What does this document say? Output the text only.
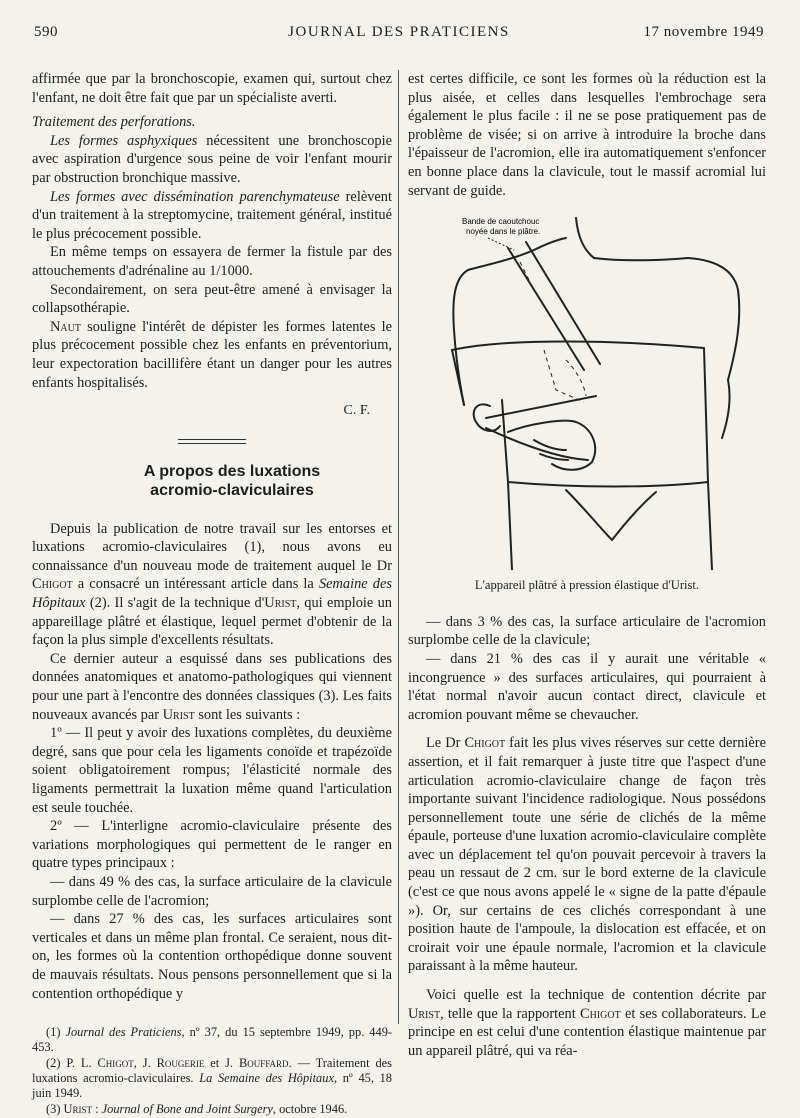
590	JOURNAL DES PRATICIENS	17 novembre 1949

affirmée que par la bronchoscopie, examen qui, surtout chez l'enfant, ne doit être fait que par un spécialiste averti.

Traitement des perforations.

Les formes asphyxiques nécessitent une bronchoscopie avec aspiration d'urgence sous peine de voir l'enfant mourir par obstruction bronchique massive.

Les formes avec dissémination parenchymateuse relèvent d'un traitement à la streptomycine, traitement général, institué le plus précocement possible.

En même temps on essayera de fermer la fistule par des attouchements d'adrénaline au 1/1000.

Secondairement, on sera peut-être amené à envisager la collapsothérapie.

Naut souligne l'intérêt de dépister les formes latentes le plus précocement possible chez les enfants en préventorium, leur expectoration bacillifère étant un danger pour les autres enfants hospitalisés.

C. F.
A propos des luxations
acromio-claviculaires

Depuis la publication de notre travail sur les entorses et luxations acromio-claviculaires (1), nous avons eu connaissance d'un nouveau mode de traitement auquel le Dr Chigot a consacré un intéressant article dans la Semaine des Hôpitaux (2). Il s'agit de la technique d'Urist, qui emploie un appareillage plâtré et élastique, lequel permet d'obtenir de la façon la plus simple d'excellents résultats.

Ce dernier auteur a esquissé dans ses publications des données anatomiques et anatomo-pathologiques qui viennent pour une part à l'encontre des données classiques (3). Les faits nouveaux avancés par Urist sont les suivants :

1º — Il peut y avoir des luxations complètes, du deuxième degré, sans que pour cela les ligaments conoïde et trapézoïde soient obligatoirement rompus; l'élasticité normale des ligaments permettrait la luxation même quand l'articulation est seule touchée.

2º — L'interligne acromio-claviculaire présente des variations morphologiques qui permettent de le ranger en quatre types principaux :

— dans 49 % des cas, la surface articulaire de la clavicule surplombe celle de l'acromion;

— dans 27 % des cas, les surfaces articulaires sont verticales et dans un même plan frontal. Ce seraient, nous dit-on, les formes où la contention orthopédique donne souvent de mauvais résultats. Nous pensons personnellement que si la contention orthopédique y

(1) Journal des Praticiens, nº 37, du 15 septembre 1949, pp. 449-453.

(2) P. L. Chigot, J. Rougerie et J. Bouffard. — Traitement des luxations acromio-claviculaires. La Semaine des Hôpitaux, nº 45, 18 juin 1949.

(3) Urist : Journal of Bone and Joint Surgery, octobre 1946.

est certes difficile, ce sont les formes où la réduction est la plus aisée, et celles dans lesquelles l'embrochage sera également le plus facile : il ne se pose pratiquement pas de problème de visée; si on arrive à introduire la broche dans l'épaisseur de l'acromion, elle ira automatiquement s'enfoncer en bonne place dans la clavicule, tout le massif acromial lui servant de guide.

Bande de caoutchouc
noyée dans le plâtre.
L'appareil plâtré à pression élastique d'Urist.

— dans 3 % des cas, la surface articulaire de l'acromion surplombe celle de la clavicule;

— dans 21 % des cas il y aurait une véritable « incongruence » des surfaces articulaires, qui pourraient à l'état normal n'avoir aucun contact direct, clavicule et acromion pouvant même se chevaucher.

Le Dr Chigot fait les plus vives réserves sur cette dernière assertion, et il fait remarquer à juste titre que l'aspect d'une articulation acromio-claviculaire change de façon très importante suivant l'incidence radiologique. Nous possédons personnellement toute une série de clichés de la même épaule, porteuse d'une luxation acromio-claviculaire complète avec un déplacement tel qu'on pouvait percevoir à travers la peau un ressaut de 2 cm. sur le bord externe de la clavicule (c'est ce que nous avons appelé le « signe de la patte d'épaule »). Or, sur certains de ces clichés correspondant à une position haute de l'ampoule, la dislocation est effacée, et on croirait voir une épaule normale, l'acromion et la clavicule paraissant à la même hauteur.

Voici quelle est la technique de contention décrite par Urist, telle que la rapportent Chigot et ses collaborateurs. Le principe en est celui d'une contention élastique maintenue par un appareil plâtré, qui va réa-
